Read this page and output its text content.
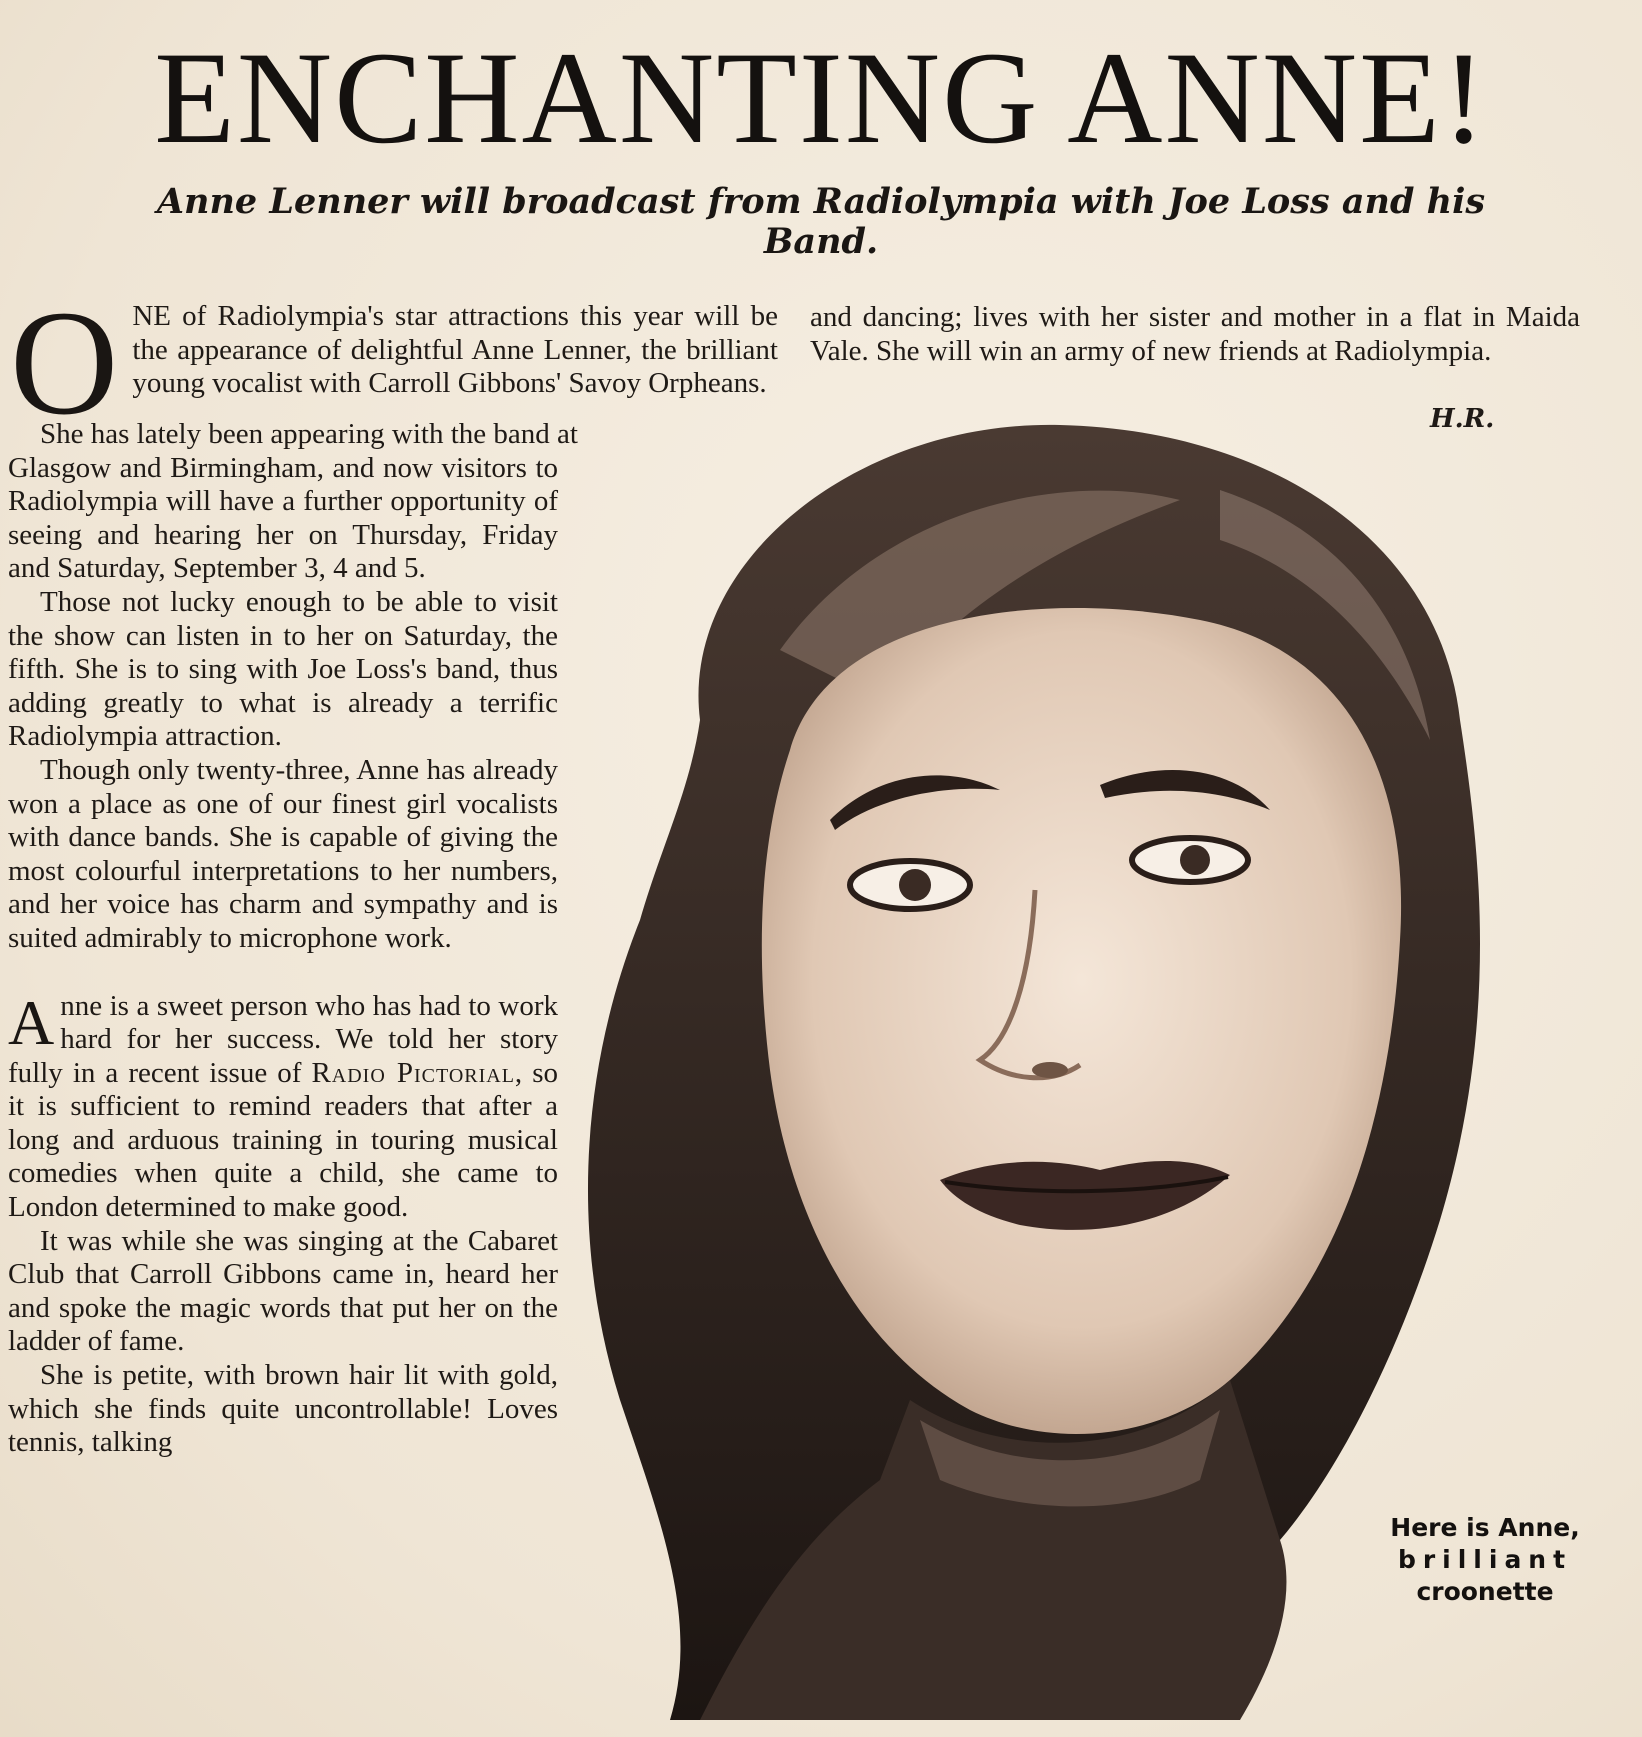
ENCHANTING ANNE!

Anne Lenner will broadcast from Radiolympia with Joe Loss and his Band.

ONE of Radiolympia's star attractions this year will be the appearance of delightful Anne Lenner, the brilliant young vocalist with Carroll Gibbons' Savoy Orpheans.

She has lately been appearing with the band at

Glasgow and Birmingham, and now visitors to Radiolympia will have a further opportunity of seeing and hearing her on Thursday, Friday and Saturday, September 3, 4 and 5.

Those not lucky enough to be able to visit the show can listen in to her on Saturday, the fifth. She is to sing with Joe Loss's band, thus adding greatly to what is already a terrific Radiolympia attraction.

Though only twenty-three, Anne has already won a place as one of our finest girl vocalists with dance bands. She is capable of giving the most colourful interpretations to her numbers, and her voice has charm and sympathy and is suited admirably to microphone work.

Anne is a sweet person who has had to work hard for her success. We told her story fully in a recent issue of Radio Pictorial, so it is sufficient to remind readers that after a long and arduous training in touring musical comedies when quite a child, she came to London determined to make good.

It was while she was singing at the Cabaret Club that Carroll Gibbons came in, heard her and spoke the magic words that put her on the ladder of fame.

She is petite, with brown hair lit with gold, which she finds quite uncontrollable! Loves tennis, talking

and dancing; lives with her sister and mother in a flat in Maida Vale. She will win an army of new friends at Radiolympia.

H.R.
Here is Anne,
brilliant
croonette
